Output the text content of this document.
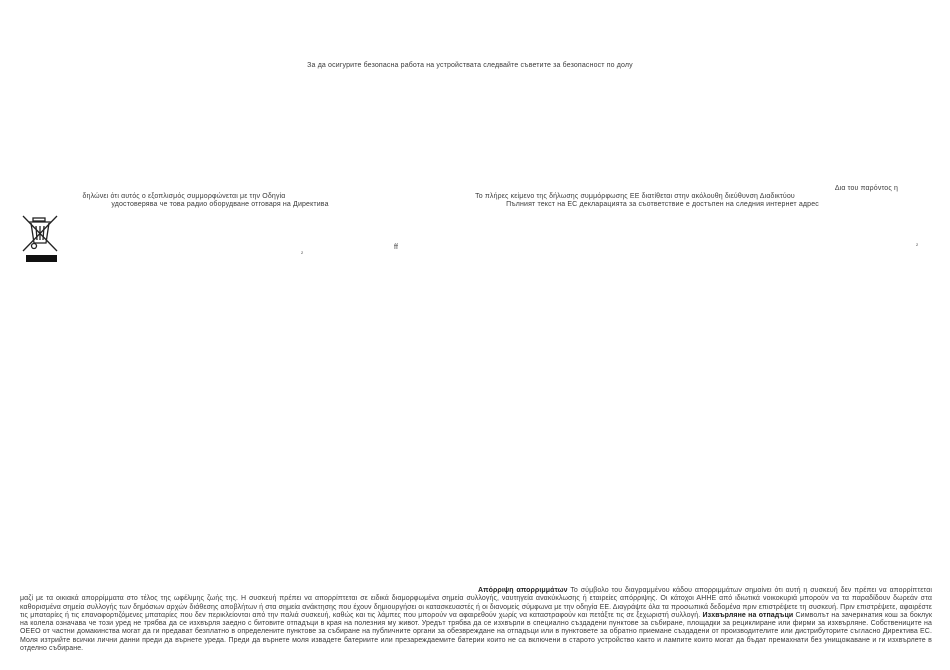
За да осигурите безопасна работа на устройствата следвайте съветите за безопасност по долу
Δια του παρόντος η
δηλώνει ότι αυτός ο εξοπλισμός συμμορφώνεται με την Οδηγία	Το πλήρες κείμενο της δήλωσης συμμόρφωσης ΕΕ διατίθεται στην ακόλουθη διεύθυνση Διαδικτύου
удостоверява че това радио оборудване отговаря на Директива	Пълният текст на ЕС декларацията за съответствие е достъпен на следния интернет адрес
2
ff	2
Απόρριψη απορριμμάτων Το σύμβολο του διαγραμμένου κάδου απορριμμάτων σημαίνει ότι αυτή η συσκευή δεν πρέπει να απορρίπτεται μαζί με τα οικιακά απορρίμματα στο τέλος της ωφέλιμης ζωής της. Η συσκευή πρέπει να απορρίπτεται σε ειδικά διαμορφωμένα σημεία συλλογής, ναυτηγεία ανακύκλωσης ή εταιρείες απόρριψης. Οι κάτοχοι ΑΗΗΕ από ιδιωτικά νοικοκυριά μπορούν να τα παραδίδουν δωρεάν στα καθορισμένα σημεία συλλογής των δημόσιων αρχών διάθεσης αποβλήτων ή στα σημεία ανάκτησης που έχουν δημιουργήσει οι κατασκευαστές ή οι διανομείς σύμφωνα με την οδηγία ΕΕ. Διαγράψτε όλα τα προσωπικά δεδομένα πριν επιστρέψετε τη συσκευή. Πριν επιστρέψετε, αφαιρέστε τις μπαταρίες ή τις επαναφορτιζόμενες μπαταρίες που δεν περικλείονται από την παλιά συσκευή, καθώς και τις λάμπες που μπορούν να αφαιρεθούν χωρίς να καταστραφούν και πετάξτε τις σε ξεχωριστή συλλογή. Изхвърляне на отпадъци Символът на зачеркнатия кош за боклук на колела означава че този уред не трябва да се изхвърля заедно с битовите отпадъци в края на полезния му живот. Уредът трябва да се изхвърли в специално създадени пунктове за събиране, площадки за рециклиране или фирми за изхвърляне. Собствениците на ОЕЕО от частни домакинства могат да ги предават безплатно в определените пунктове за събиране на публичните органи за обезвреждане на отпадъци или в пунктовете за обратно приемане създадени от производителите или дистрибуторите съгласно Директива ЕС. Моля изтрийте всички лични данни преди да върнете уреда. Преди да върнете моля извадете батериите или презареждаемите батерии които не са включени в старото устройство както и лампите които могат да бъдат премахнати без унищожаване и ги изхвърлете в отделно събиране.
